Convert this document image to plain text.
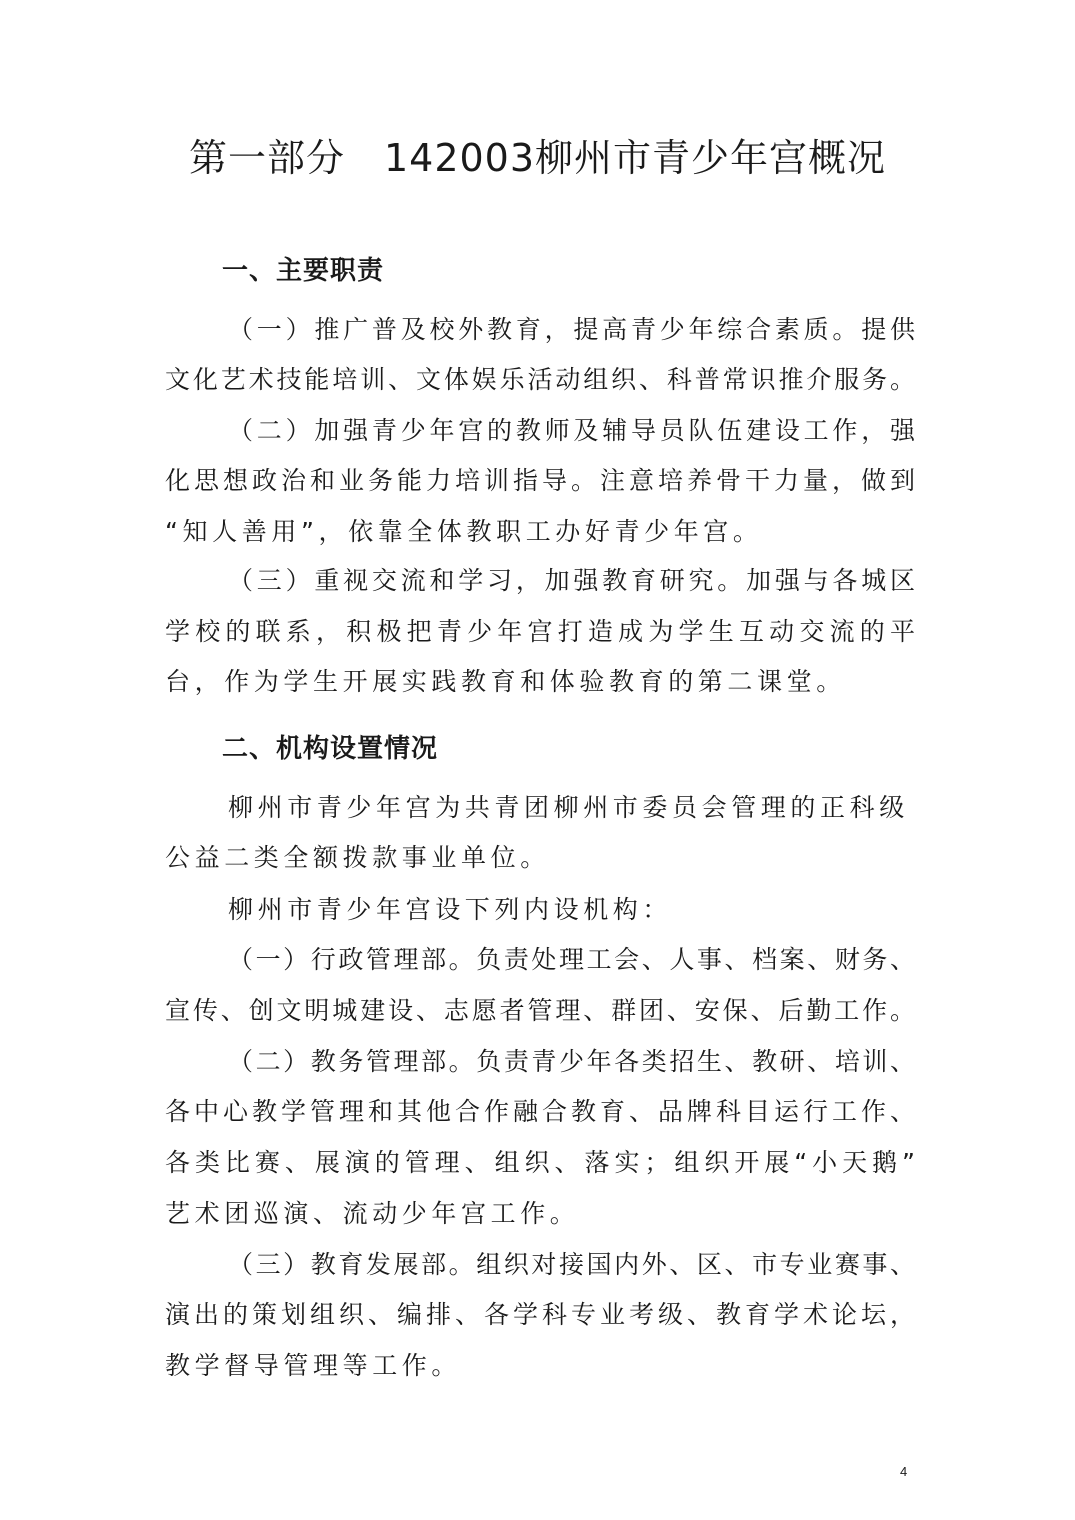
第一部分　142003柳州市青少年宫概况
一、主要职责
（一）推广普及校外教育，提高青少年综合素质。提供
文化艺术技能培训、文体娱乐活动组织、科普常识推介服务。
（二）加强青少年宫的教师及辅导员队伍建设工作，强
化思想政治和业务能力培训指导。注意培养骨干力量，做到
“知人善用”，依靠全体教职工办好青少年宫。
（三）重视交流和学习，加强教育研究。加强与各城区
学校的联系，积极把青少年宫打造成为学生互动交流的平
台，作为学生开展实践教育和体验教育的第二课堂。
二、机构设置情况
柳州市青少年宫为共青团柳州市委员会管理的正科级
公益二类全额拨款事业单位。
柳州市青少年宫设下列内设机构：
（一）行政管理部。负责处理工会、人事、档案、财务、
宣传、创文明城建设、志愿者管理、群团、安保、后勤工作。
（二）教务管理部。负责青少年各类招生、教研、培训、
各中心教学管理和其他合作融合教育、品牌科目运行工作、
各类比赛、展演的管理、组织、落实；组织开展“小天鹅”
艺术团巡演、流动少年宫工作。
（三）教育发展部。组织对接国内外、区、市专业赛事、
演出的策划组织、编排、各学科专业考级、教育学术论坛，
教学督导管理等工作。
4
